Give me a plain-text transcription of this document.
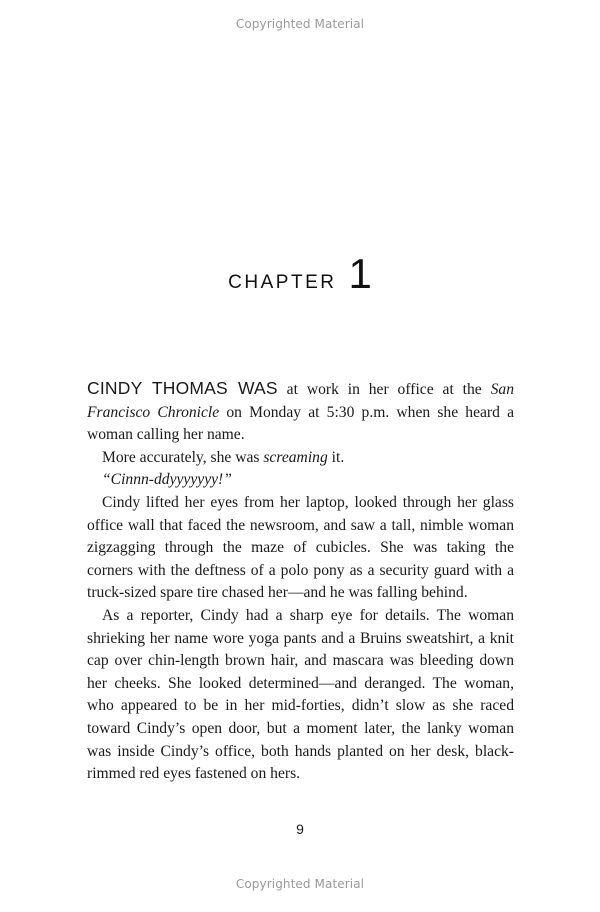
Copyrighted Material
CHAPTER 1

CINDY THOMAS WAS at work in her office at the San Francisco Chronicle on Monday at 5:30 p.m. when she heard a woman calling her name.

More accurately, she was screaming it.

“Cinnn-ddyyyyyyy!”

Cindy lifted her eyes from her laptop, looked through her glass office wall that faced the newsroom, and saw a tall, nimble woman zigzagging through the maze of cubicles. She was taking the corners with the deftness of a polo pony as a security guard with a truck-sized spare tire chased her—and he was falling behind.

As a reporter, Cindy had a sharp eye for details. The woman shrieking her name wore yoga pants and a Bruins sweatshirt, a knit cap over chin-length brown hair, and mascara was bleeding down her cheeks. She looked determined—and deranged. The woman, who appeared to be in her mid-forties, didn’t slow as she raced toward Cindy’s open door, but a moment later, the lanky woman was inside Cindy’s office, both hands planted on her desk, black-rimmed red eyes fastened on hers.

9
Copyrighted Material
